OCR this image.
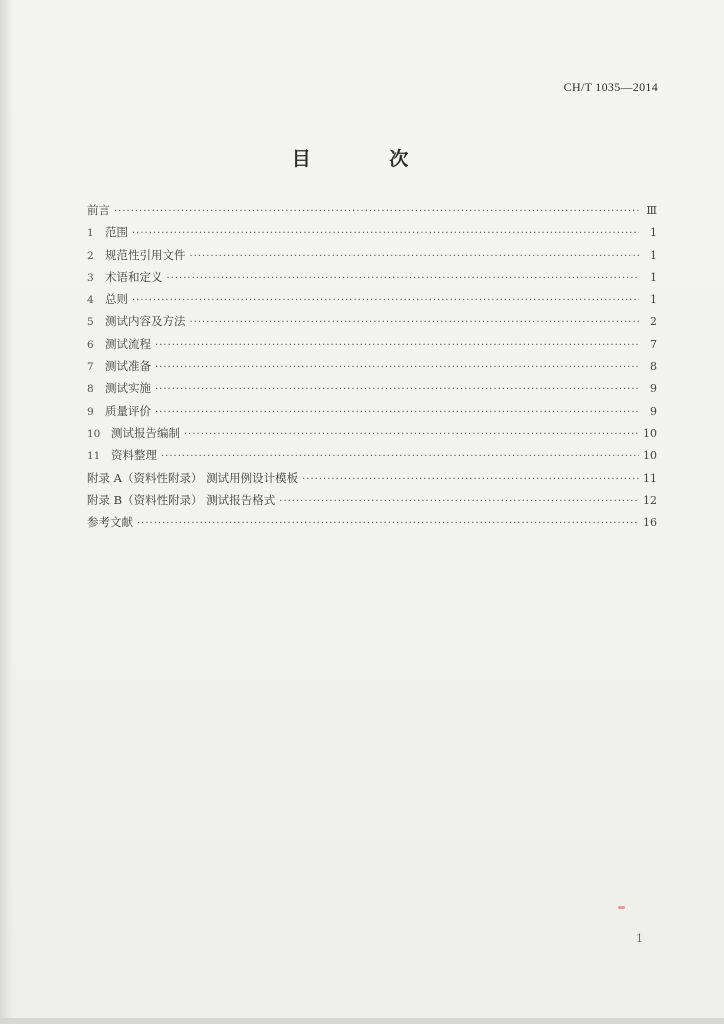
CH/T 1035—2014
目 次
前言 ·····	Ⅲ
1 范围 ·····	1
2 规范性引用文件 ·····	1
3 术语和定义 ·····	1
4 总则 ·····	1
5 测试内容及方法 ·····	2
6 测试流程 ·····	7
7 测试准备 ·····	8
8 测试实施 ·····	9
9 质量评价 ·····	9
10 测试报告编制 ·····	10
11 资料整理 ·····	10
附录 A（资料性附录） 测试用例设计模板 ·····	11
附录 B（资料性附录） 测试报告格式 ·····	12
参考文献 ·····	16
1
